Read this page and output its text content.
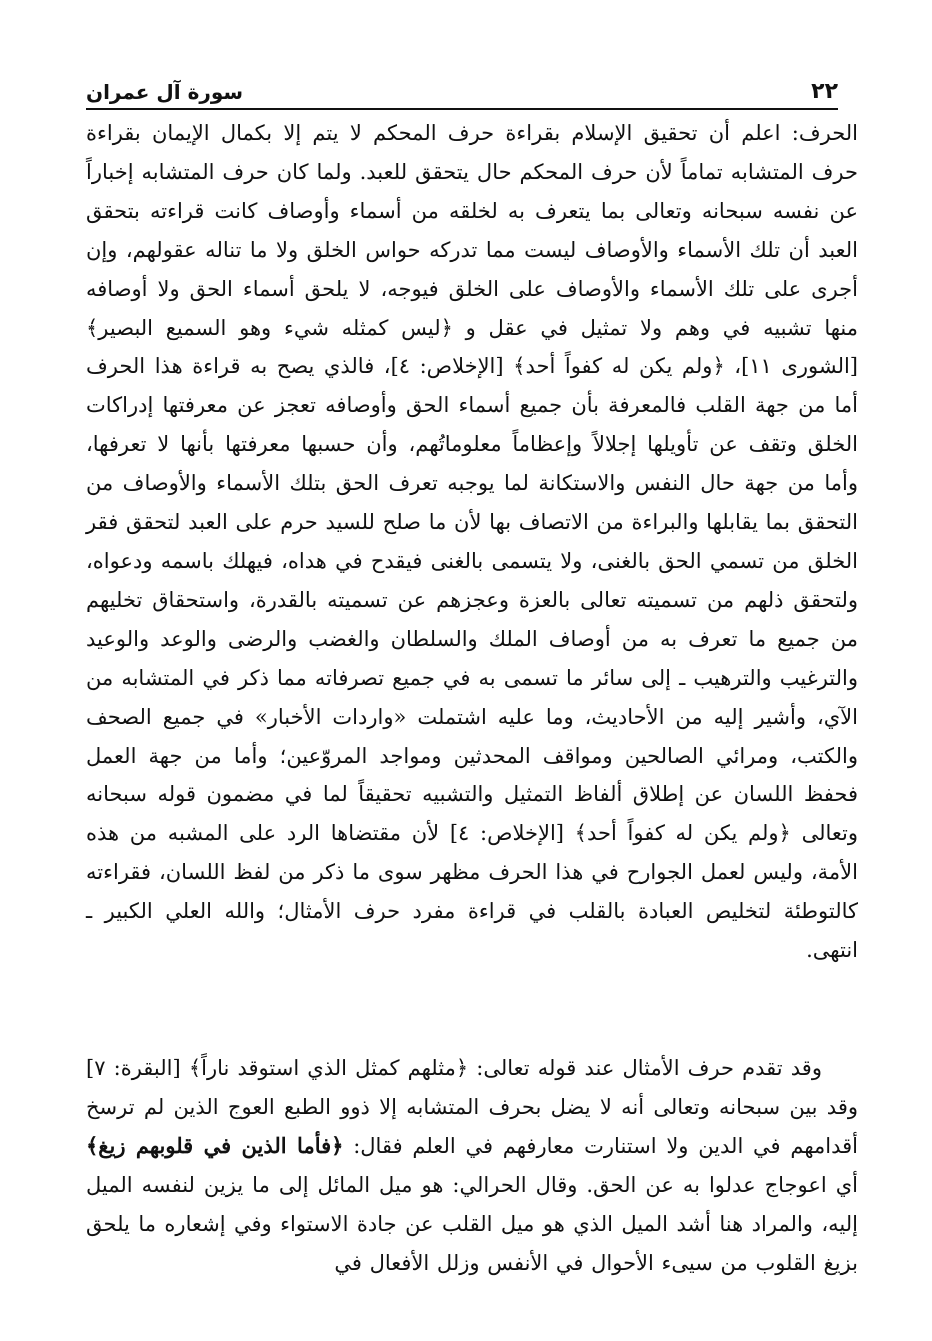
٢٢
سورة آل عمران

الحرف: اعلم أن تحقيق الإسلام بقراءة حرف المحكم لا يتم إلا بكمال الإيمان بقراءة حرف المتشابه تماماً لأن حرف المحكم حال يتحقق للعبد. ولما كان حرف المتشابه إخباراً عن نفسه سبحانه وتعالى بما يتعرف به لخلقه من أسماء وأوصاف كانت قراءته بتحقق العبد أن تلك الأسماء والأوصاف ليست مما تدركه حواس الخلق ولا ما تناله عقولهم، وإن أجرى على تلك الأسماء والأوصاف على الخلق فيوجه، لا يلحق أسماء الحق ولا أوصافه منها تشبيه في وهم ولا تمثيل في عقل و ﴿ليس كمثله شيء وهو السميع البصير﴾ [الشورى ١١]، ﴿ولم يكن له كفواً أحد﴾ [الإخلاص: ٤]، فالذي يصح به قراءة هذا الحرف أما من جهة القلب فالمعرفة بأن جميع أسماء الحق وأوصافه تعجز عن معرفتها إدراكات الخلق وتقف عن تأويلها إجلالاً وإعظاماً معلوماتُهم، وأن حسبها معرفتها بأنها لا تعرفها، وأما من جهة حال النفس والاستكانة لما يوجبه تعرف الحق بتلك الأسماء والأوصاف من التحقق بما يقابلها والبراءة من الاتصاف بها لأن ما صلح للسيد حرم على العبد لتحقق فقر الخلق من تسمي الحق بالغنى، ولا يتسمى بالغنى فيقدح في هداه، فيهلك باسمه ودعواه، ولتحقق ذلهم من تسميته تعالى بالعزة وعجزهم عن تسميته بالقدرة، واستحقاق تخليهم من جميع ما تعرف به من أوصاف الملك والسلطان والغضب والرضى والوعد والوعيد والترغيب والترهيب ـ إلى سائر ما تسمى به في جميع تصرفاته مما ذكر في المتشابه من الآي، وأشير إليه من الأحاديث، وما عليه اشتملت «واردات الأخبار» في جميع الصحف والكتب، ومرائي الصالحين ومواقف المحدثين ومواجد المروّعين؛ وأما من جهة العمل فحفظ اللسان عن إطلاق ألفاظ التمثيل والتشبيه تحقيقاً لما في مضمون قوله سبحانه وتعالى ﴿ولم يكن له كفواً أحد﴾ [الإخلاص: ٤] لأن مقتضاها الرد على المشبه من هذه الأمة، وليس لعمل الجوارح في هذا الحرف مظهر سوى ما ذكر من لفظ اللسان، فقراءته كالتوطئة لتخليص العبادة بالقلب في قراءة مفرد حرف الأمثال؛ والله العلي الكبير ـ انتهى.

وقد تقدم حرف الأمثال عند قوله تعالى: ﴿مثلهم كمثل الذي استوقد ناراً﴾ [البقرة: ٧] وقد بين سبحانه وتعالى أنه لا يضل بحرف المتشابه إلا ذوو الطبع العوج الذين لم ترسخ أقدامهم في الدين ولا استنارت معارفهم في العلم فقال: ﴿فأما الذين في قلوبهم زيغ﴾ أي اعوجاج عدلوا به عن الحق. وقال الحرالي: هو ميل المائل إلى ما يزين لنفسه الميل إليه، والمراد هنا أشد الميل الذي هو ميل القلب عن جادة الاستواء وفي إشعاره ما يلحق بزيغ القلوب من سيىء الأحوال في الأنفس وزلل الأفعال في
